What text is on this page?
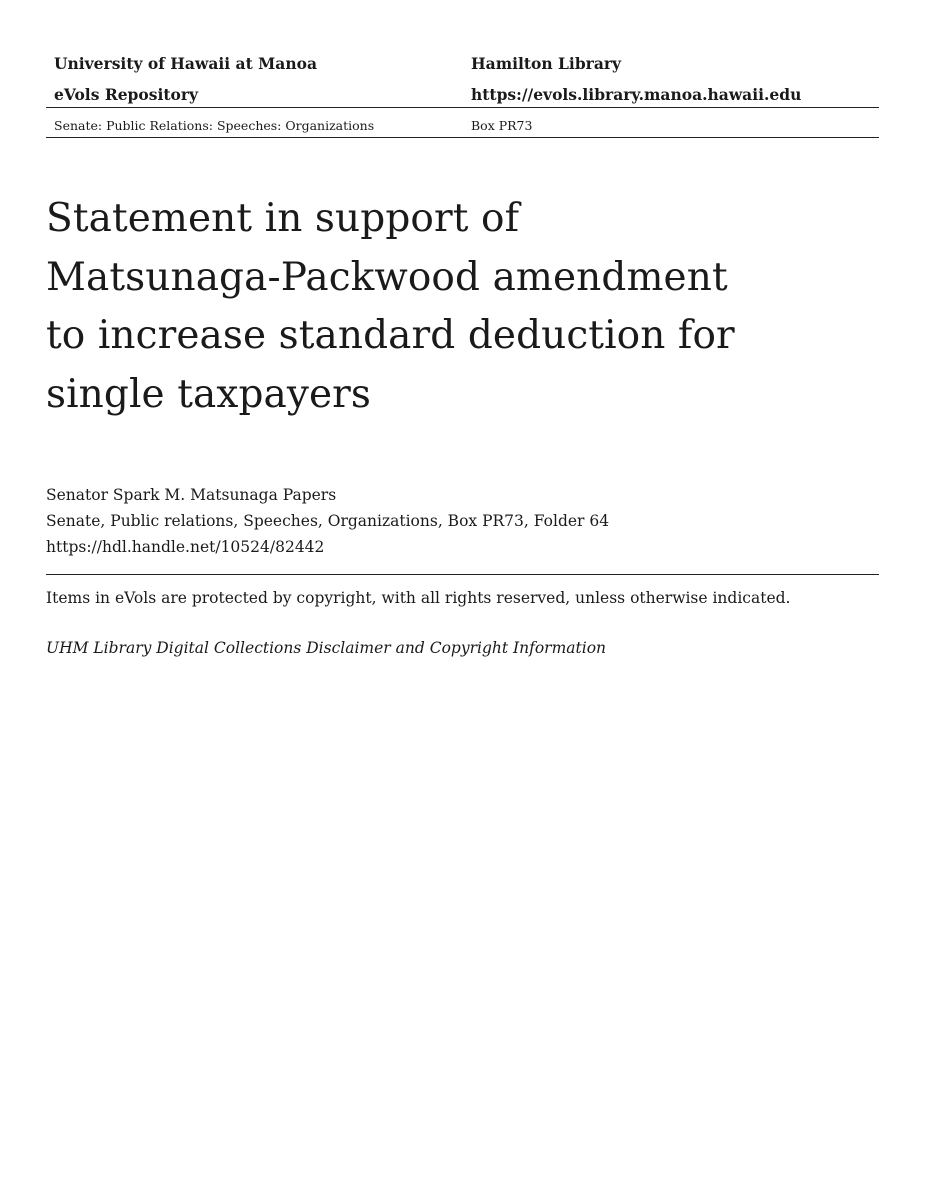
University of Hawaii at Manoa
eVols Repository
Hamilton Library
https://evols.library.manoa.hawaii.edu
Senate: Public Relations: Speeches: Organizations	Box PR73
Statement in support of Matsunaga-Packwood amendment to increase standard deduction for single taxpayers
Senator Spark M. Matsunaga Papers
Senate, Public relations, Speeches, Organizations, Box PR73, Folder 64
https://hdl.handle.net/10524/82442
Items in eVols are protected by copyright, with all rights reserved, unless otherwise indicated.
UHM Library Digital Collections Disclaimer and Copyright Information
